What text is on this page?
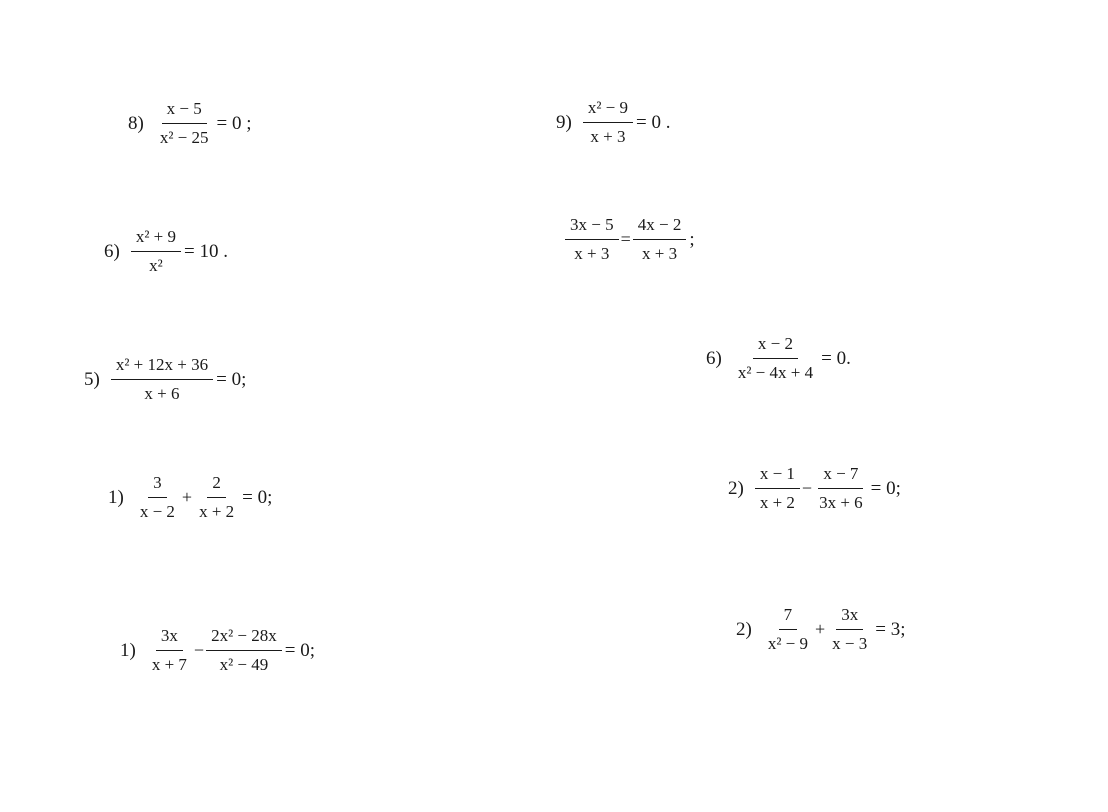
$8) \frac{x - 5}{\text{x² − 25}} = 0$ ;	$9) \frac{\text{x² − 9}}{x + 3} = 0$ .
$6) \frac{\text{x² + 9}}{\text{x²}} = 10$ .	$\frac{3x - 5}{x + 3} = \frac{4x - 2}{x + 3}$ ;
$5) \frac{\text{x² + 12x + 36}}{x + 6} = 0$;
$6) \frac{x - 2}{\text{x² − 4x + 4}} = 0$.
$1) \frac{3}{x - 2} + \frac{2}{x + 2} = 0$;	$2) \frac{x - 1}{x + 2} - \frac{x - 7}{3x + 6} = 0$;
$1) \frac{3x}{x + 7} - \frac{\text{2x² − 28x}}{\text{x² − 49}} = 0$;
$2) \frac{7}{\text{x² − 9}} + \frac{3x}{x - 3} = 3$;
